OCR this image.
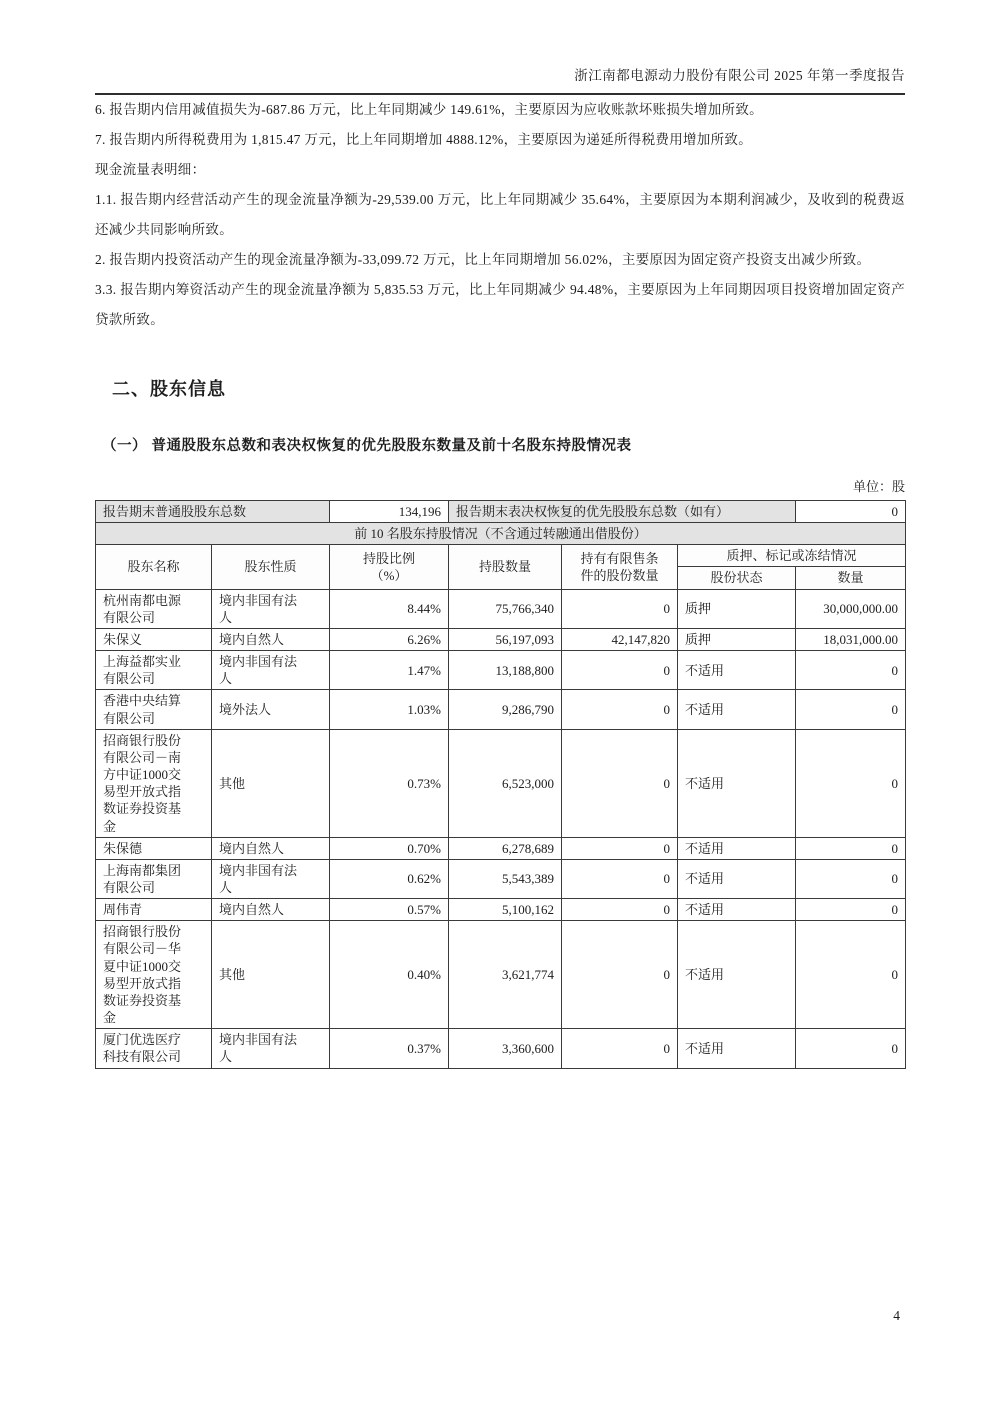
浙江南都电源动力股份有限公司 2025 年第一季度报告

6. 报告期内信用减值损失为-687.86 万元，比上年同期减少 149.61%，主要原因为应收账款坏账损失增加所致。

7. 报告期内所得税费用为 1,815.47 万元，比上年同期增加 4888.12%，主要原因为递延所得税费用增加所致。

现金流量表明细：

1.1. 报告期内经营活动产生的现金流量净额为-29,539.00 万元，比上年同期减少 35.64%，主要原因为本期利润减少，及收到的税费返还减少共同影响所致。

2. 报告期内投资活动产生的现金流量净额为-33,099.72 万元，比上年同期增加 56.02%，主要原因为固定资产投资支出减少所致。

3.3. 报告期内筹资活动产生的现金流量净额为 5,835.53 万元，比上年同期减少 94.48%，主要原因为上年同期因项目投资增加固定资产贷款所致。

二、股东信息
（一） 普通股股东总数和表决权恢复的优先股股东数量及前十名股东持股情况表
单位：股
报告期末普通股股东总数		134,196	报告期末表决权恢复的优先股股东总数（如有）			0
前 10 名股东持股情况（不含通过转融通出借股份）						
股东名称	股东性质	持股比例（%）	持股数量	持有有限售条件的股份数量	质押、标记或冻结情况	
					股份状态	数量
杭州南都电源有限公司	境内非国有法人	8.44%	75,766,340	0	质押	30,000,000.00
朱保义	境内自然人	6.26%	56,197,093	42,147,820	质押	18,031,000.00
上海益都实业有限公司	境内非国有法人	1.47%	13,188,800	0	不适用	0
香港中央结算有限公司	境外法人	1.03%	9,286,790	0	不适用	0
招商银行股份有限公司－南方中证1000交易型开放式指数证券投资基金	其他	0.73%	6,523,000	0	不适用	0
朱保德	境内自然人	0.70%	6,278,689	0	不适用	0
上海南都集团有限公司	境内非国有法人	0.62%	5,543,389	0	不适用	0
周伟青	境内自然人	0.57%	5,100,162	0	不适用	0
招商银行股份有限公司－华夏中证1000交易型开放式指数证券投资基金	其他	0.40%	3,621,774	0	不适用	0
厦门优选医疗科技有限公司	境内非国有法人	0.37%	3,360,600	0	不适用	0
4
